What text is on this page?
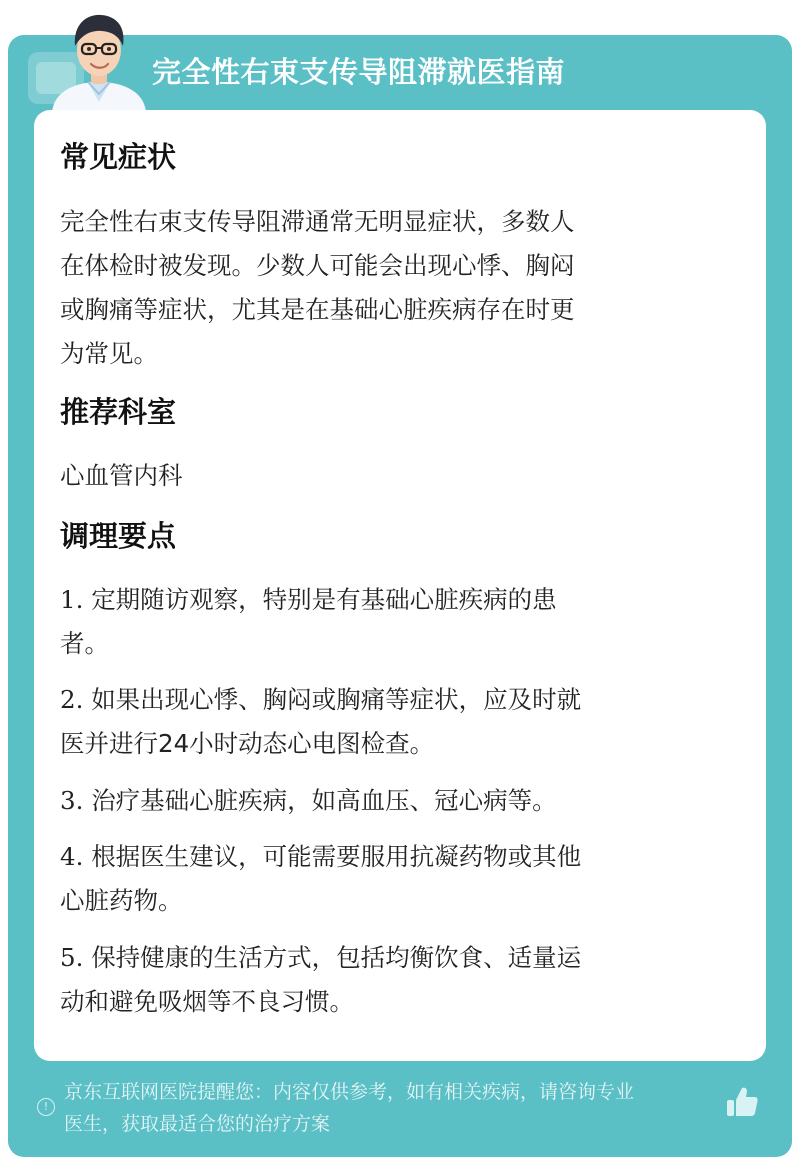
完全性右束支传导阻滞就医指南
常见症状
完全性右束支传导阻滞通常无明显症状，多数人
在体检时被发现。少数人可能会出现心悸、胸闷
或胸痛等症状，尤其是在基础心脏疾病存在时更
为常见。
推荐科室
心血管内科
调理要点
1. 定期随访观察，特别是有基础心脏疾病的患
者。
2. 如果出现心悸、胸闷或胸痛等症状，应及时就
医并进行24小时动态心电图检查。
3. 治疗基础心脏疾病，如高血压、冠心病等。
4. 根据医生建议，可能需要服用抗凝药物或其他
心脏药物。
5. 保持健康的生活方式，包括均衡饮食、适量运
动和避免吸烟等不良习惯。
!
京东互联网医院提醒您：内容仅供参考，如有相关疾病，请咨询专业
医生，获取最适合您的治疗方案
